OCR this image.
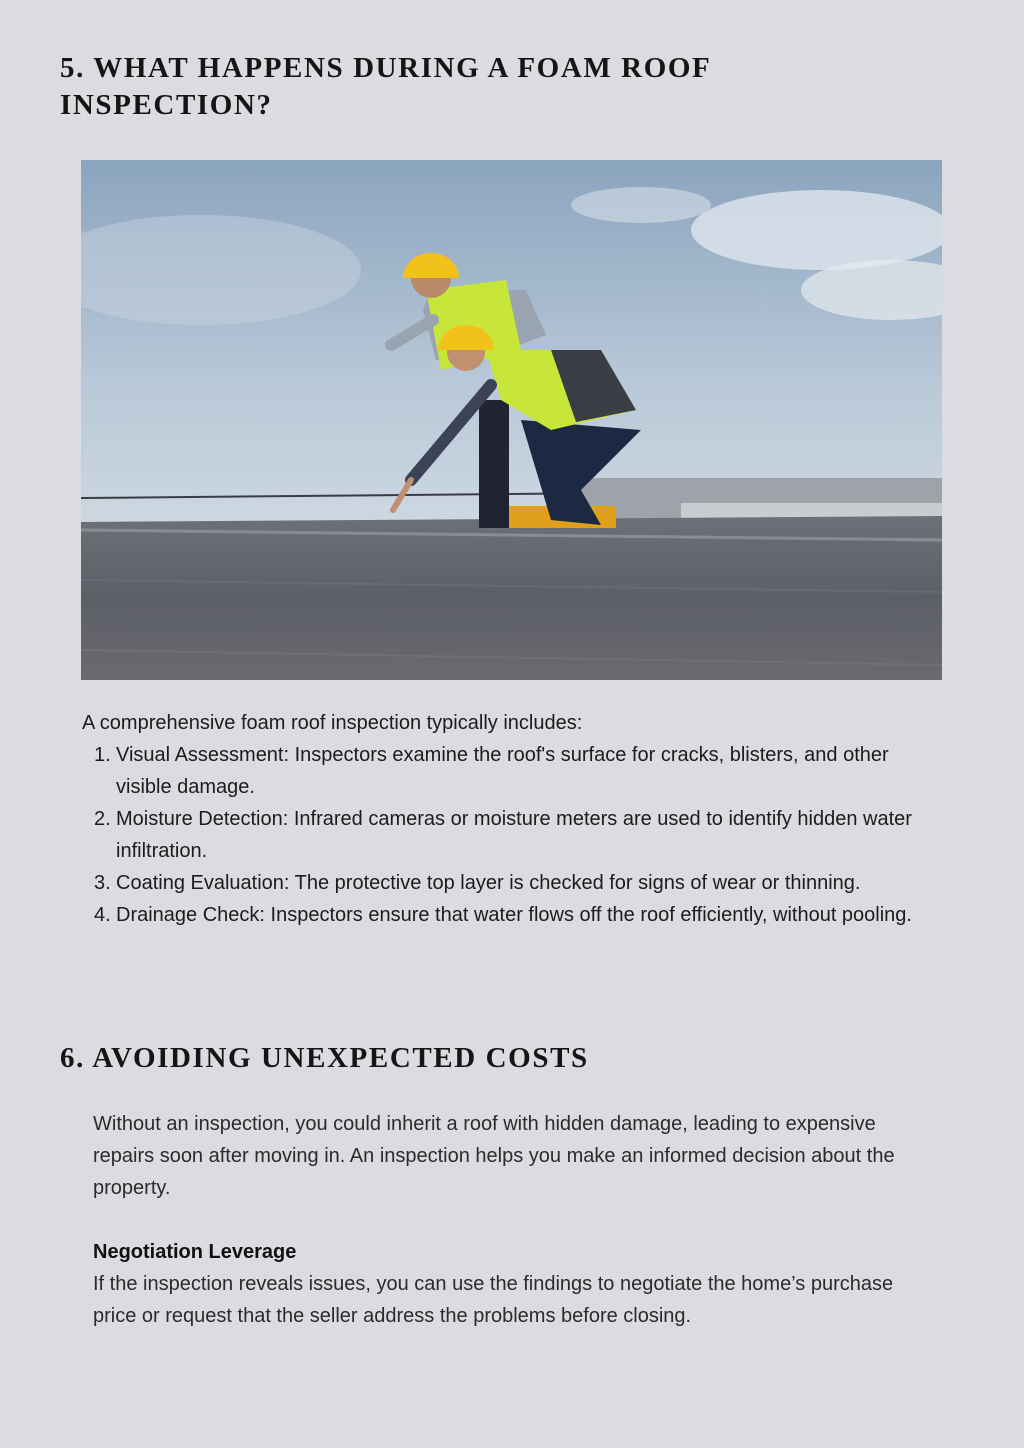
5. WHAT HAPPENS DURING A FOAM ROOF INSPECTION?

A comprehensive foam roof inspection typically includes:

1. Visual Assessment: Inspectors examine the roof's surface for cracks, blisters, and other visible damage.
2. Moisture Detection: Infrared cameras or moisture meters are used to identify hidden water infiltration.
3. Coating Evaluation: The protective top layer is checked for signs of wear or thinning.
4. Drainage Check: Inspectors ensure that water flows off the roof efficiently, without pooling.
6. AVOIDING UNEXPECTED COSTS

Without an inspection, you could inherit a roof with hidden damage, leading to expensive repairs soon after moving in. An inspection helps you make an informed decision about the property.

Negotiation Leverage

If the inspection reveals issues, you can use the findings to negotiate the home’s purchase price or request that the seller address the problems before closing.
